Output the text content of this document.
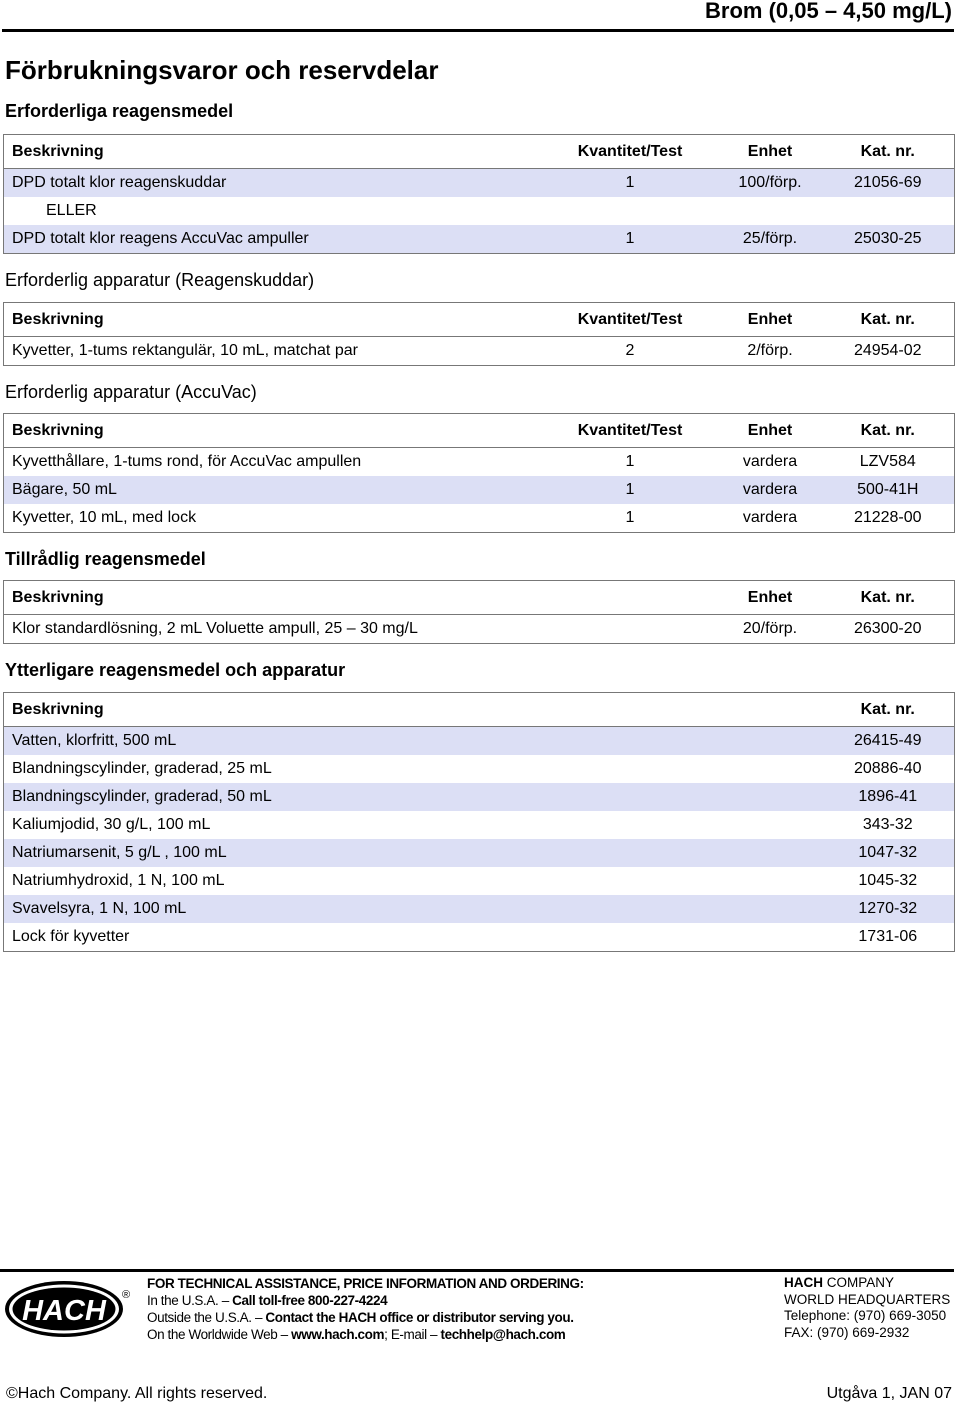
Brom (0,05 – 4,50 mg/L)
Förbrukningsvaror och reservdelar
Erforderliga reagensmedel
Beskrivning	Kvantitet/Test	Enhet	Kat. nr.
DPD totalt klor reagenskuddar	1	100/förp.	21056-69
ELLER			
DPD totalt klor reagens AccuVac ampuller	1	25/förp.	25030-25
Erforderlig apparatur (Reagenskuddar)
Beskrivning	Kvantitet/Test	Enhet	Kat. nr.
Kyvetter, 1-tums rektangulär, 10 mL, matchat par	2	2/förp.	24954-02
Erforderlig apparatur (AccuVac)
Beskrivning	Kvantitet/Test	Enhet	Kat. nr.
Kyvetthållare, 1-tums rond, för AccuVac ampullen	1	vardera	LZV584
Bägare, 50 mL	1	vardera	500-41H
Kyvetter, 10 mL, med lock	1	vardera	21228-00
Tillrådlig reagensmedel
Beskrivning	Enhet	Kat. nr.
Klor standardlösning, 2 mL Voluette ampull, 25 – 30 mg/L	20/förp.	26300-20
Ytterligare reagensmedel och apparatur
Beskrivning	Kat. nr.
Vatten, klorfritt, 500 mL	26415-49
Blandningscylinder, graderad, 25 mL	20886-40
Blandningscylinder, graderad, 50 mL	1896-41
Kaliumjodid, 30 g/L, 100 mL	343-32
Natriumarsenit, 5 g/L , 100 mL	1047-32
Natriumhydroxid, 1 N, 100 mL	1045-32
Svavelsyra, 1 N, 100 mL	1270-32
Lock för kyvetter	1731-06
HACH ®
FOR TECHNICAL ASSISTANCE, PRICE INFORMATION AND ORDERING:
In the U.S.A. – Call toll-free 800-227-4224
Outside the U.S.A. – Contact the HACH office or distributor serving you.
On the Worldwide Web – www.hach.com; E-mail – techhelp@hach.com
HACH COMPANY
WORLD HEADQUARTERS
Telephone: (970) 669-3050
FAX: (970) 669-2932
©Hach Company. All rights reserved.	Utgåva 1, JAN 07
